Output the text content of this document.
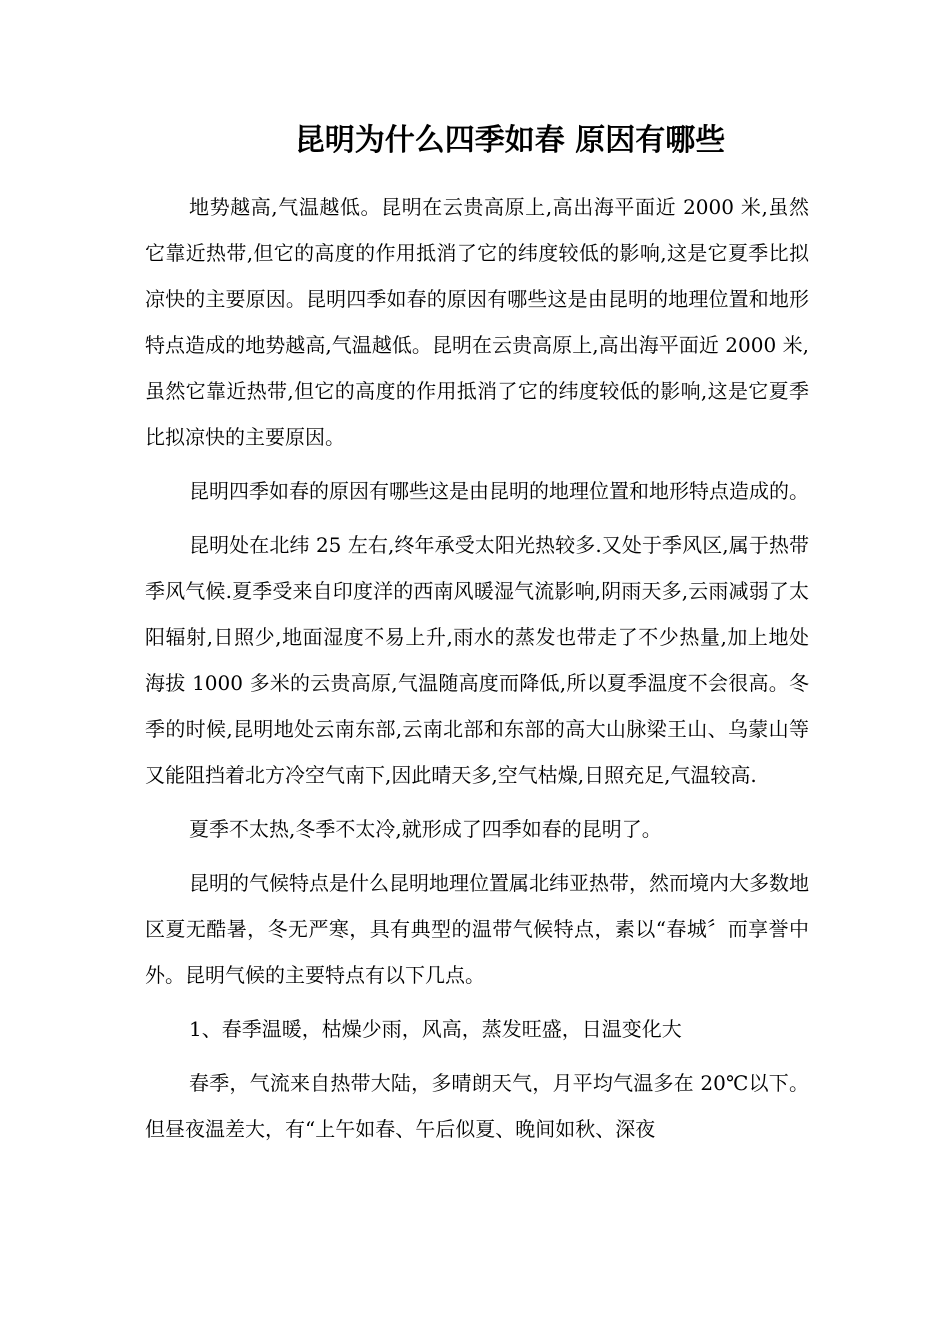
昆明为什么四季如春 原因有哪些

地势越高,气温越低。昆明在云贵高原上,高出海平面近 2000 米,虽然它靠近热带,但它的高度的作用抵消了它的纬度较低的影响,这是它夏季比拟凉快的主要原因。昆明四季如春的原因有哪些这是由昆明的地理位置和地形特点造成的地势越高,气温越低。昆明在云贵高原上,高出海平面近 2000 米,虽然它靠近热带,但它的高度的作用抵消了它的纬度较低的影响,这是它夏季比拟凉快的主要原因。

昆明四季如春的原因有哪些这是由昆明的地理位置和地形特点造成的。

昆明处在北纬 25 左右,终年承受太阳光热较多.又处于季风区,属于热带季风气候.夏季受来自印度洋的西南风暖湿气流影响,阴雨天多,云雨减弱了太阳辐射,日照少,地面湿度不易上升,雨水的蒸发也带走了不少热量,加上地处海拔 1000 多米的云贵高原,气温随高度而降低,所以夏季温度不会很高。冬季的时候,昆明地处云南东部,云南北部和东部的高大山脉梁王山、乌蒙山等又能阻挡着北方冷空气南下,因此晴天多,空气枯燥,日照充足,气温较高.

夏季不太热,冬季不太冷,就形成了四季如春的昆明了。

昆明的气候特点是什么昆明地理位置属北纬亚热带，然而境内大多数地区夏无酷暑，冬无严寒，具有典型的温带气候特点，素以“春城〞而享誉中外。昆明气候的主要特点有以下几点。

1、春季温暖，枯燥少雨，风高，蒸发旺盛，日温变化大

春季，气流来自热带大陆，多晴朗天气，月平均气温多在 20℃以下。但昼夜温差大，有“上午如春、午后似夏、晚间如秋、深夜
